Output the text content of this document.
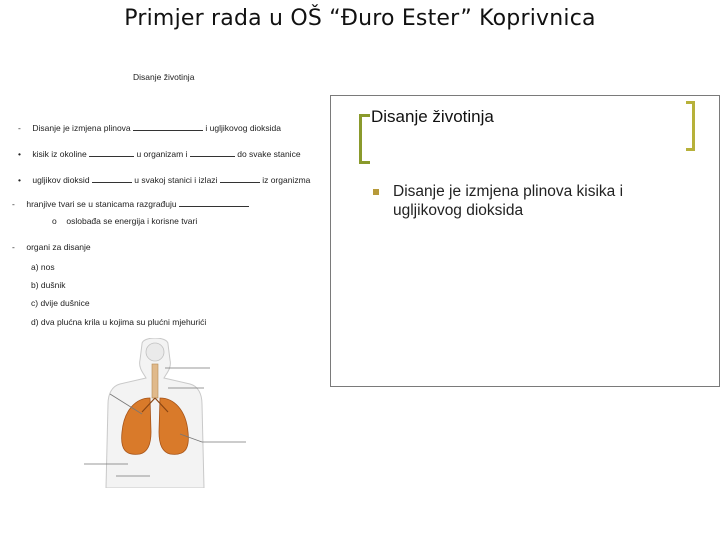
Primjer rada u OŠ “Đuro Ester” Koprivnica
Disanje životinja
- Disanje je izmjena plinova	i ugljikovog dioksida
• kisik iz okoline	u organizam i	do svake stanice
• ugljikov dioksid	u svakoj stanici i izlazi	iz organizma
- hranjive tvari se u stanicama razgrađuju
o oslobađa se energija i korisne tvari
- organi za disanje
a) nos
b) dušnik
c) dvije dušnice
d) dva plućna krila u kojima su plućni mjehurići
Disanje životinja
Disanje je izmjena plinova kisika i ugljikovog dioksida
